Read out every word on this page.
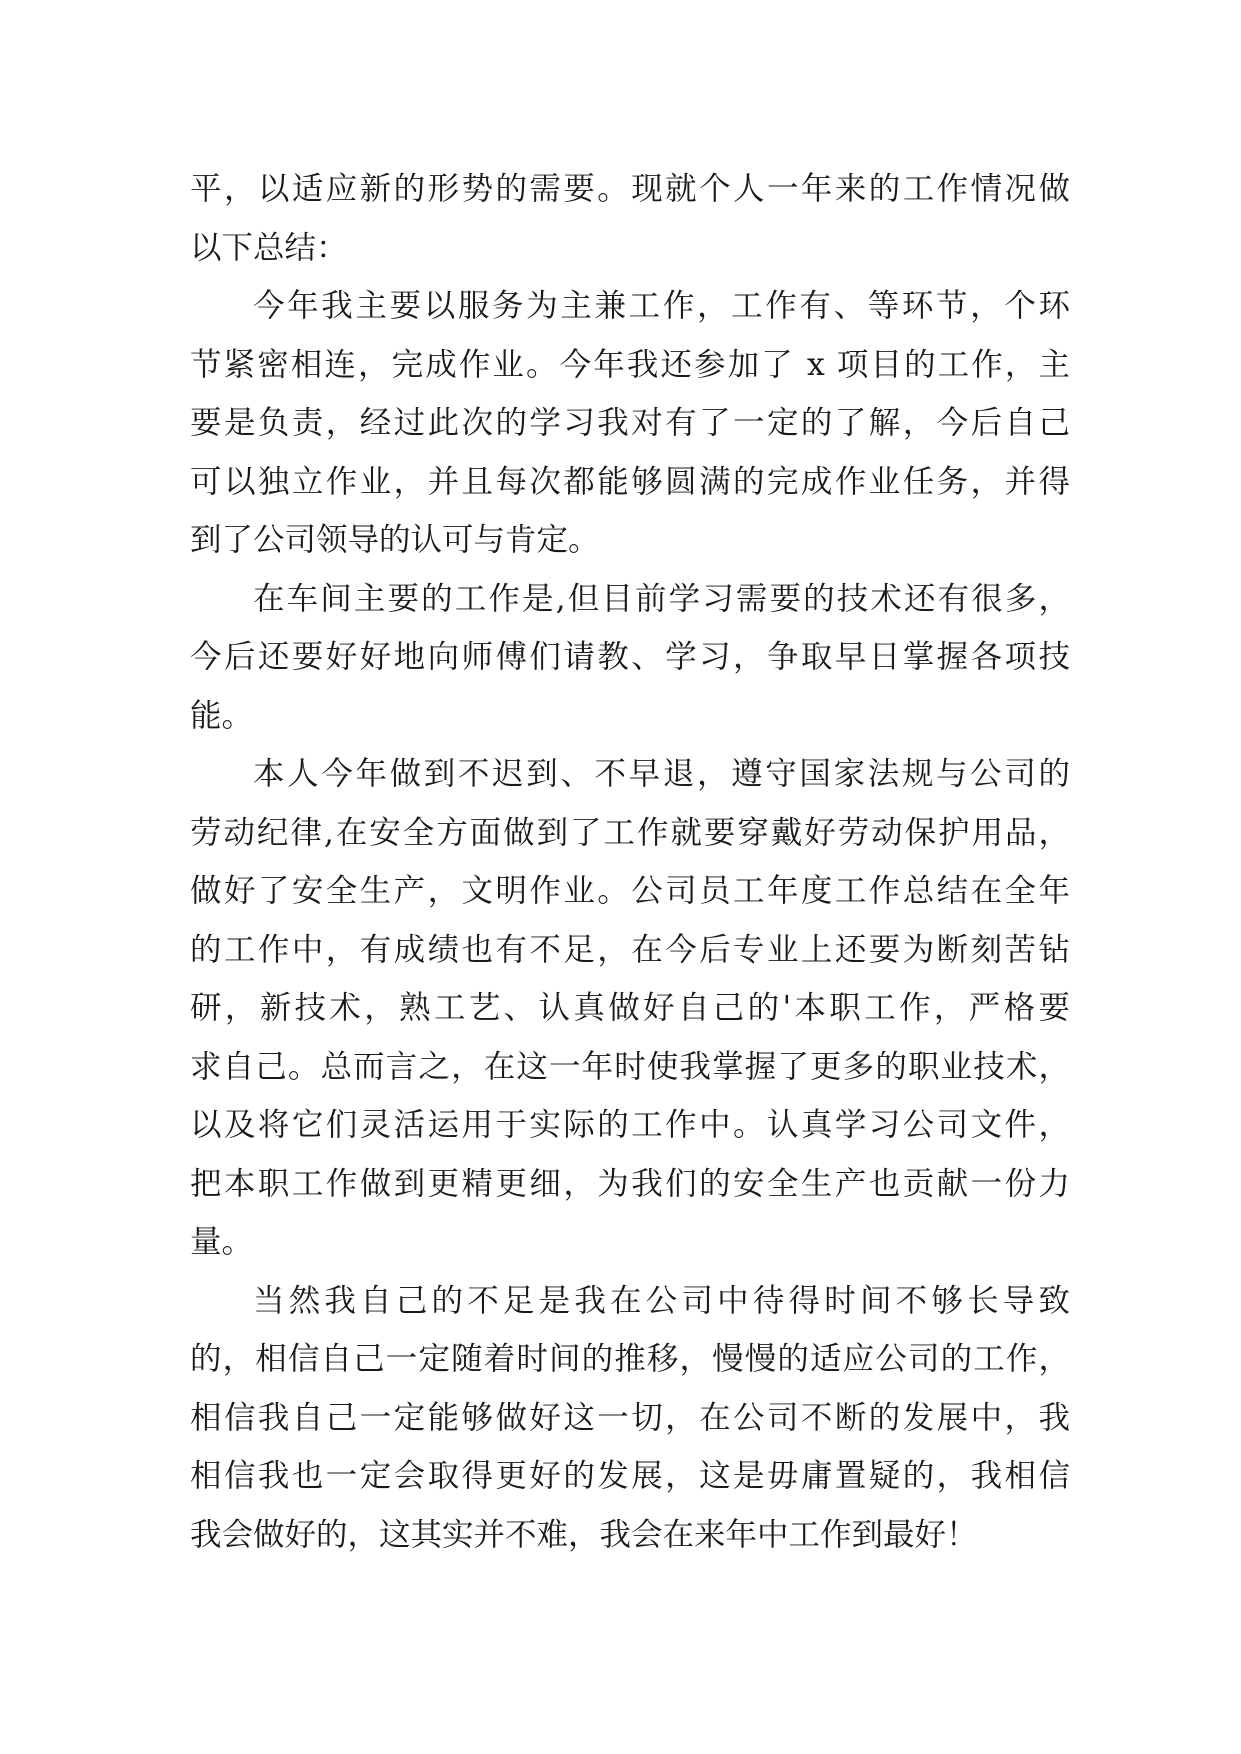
平，以适应新的形势的需要。现就个人一年来的工作情况做
以下总结：
今年我主要以服务为主兼工作，工作有、等环节，个环
节紧密相连，完成作业。今年我还参加了 x 项目的工作，主
要是负责，经过此次的学习我对有了一定的了解，今后自己
可以独立作业，并且每次都能够圆满的完成作业任务，并得
到了公司领导的认可与肯定。
在车间主要的工作是,但目前学习需要的技术还有很多，
今后还要好好地向师傅们请教、学习，争取早日掌握各项技
能。
本人今年做到不迟到、不早退，遵守国家法规与公司的
劳动纪律,在安全方面做到了工作就要穿戴好劳动保护用品，
做好了安全生产，文明作业。公司员工年度工作总结在全年
的工作中，有成绩也有不足，在今后专业上还要为断刻苦钻
研，新技术，熟工艺、认真做好自己的'本职工作，严格要
求自己。总而言之，在这一年时使我掌握了更多的职业技术，
以及将它们灵活运用于实际的工作中。认真学习公司文件，
把本职工作做到更精更细，为我们的安全生产也贡献一份力
量。
当然我自己的不足是我在公司中待得时间不够长导致
的，相信自己一定随着时间的推移，慢慢的适应公司的工作，
相信我自己一定能够做好这一切，在公司不断的发展中，我
相信我也一定会取得更好的发展，这是毋庸置疑的，我相信
我会做好的，这其实并不难，我会在来年中工作到最好！
